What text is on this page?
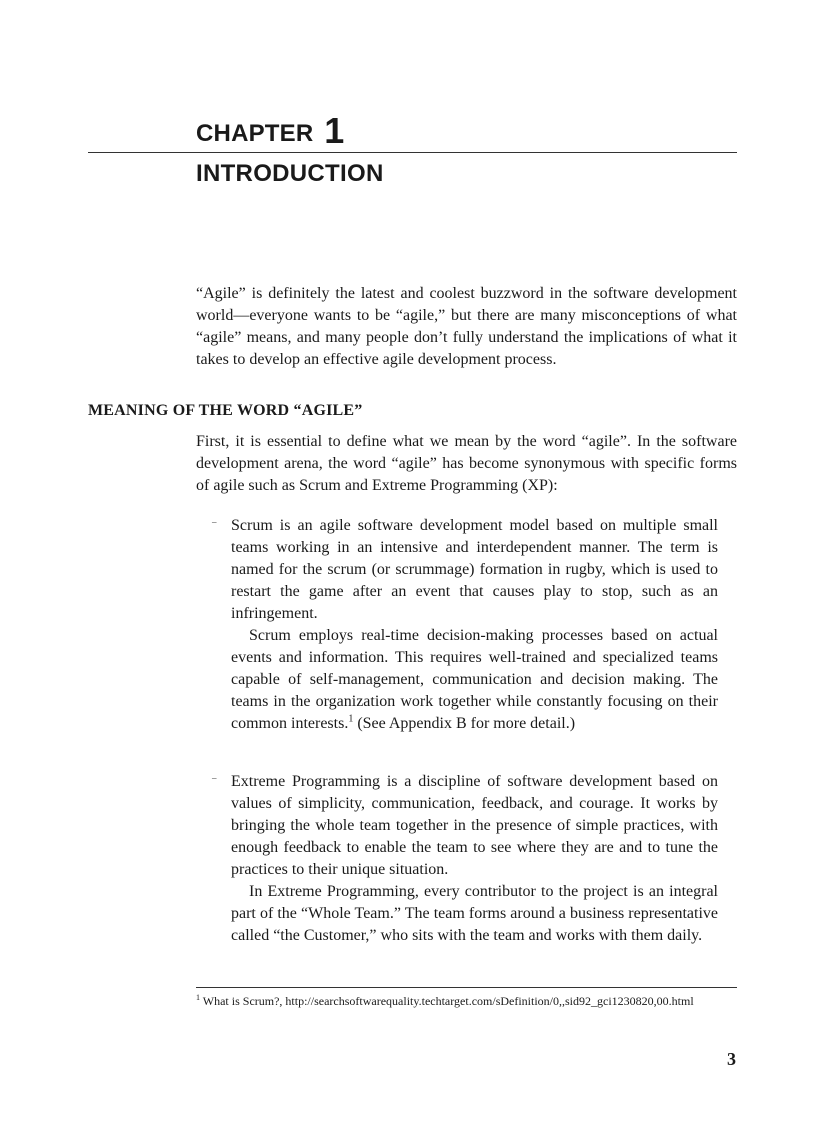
CHAPTER 1
INTRODUCTION

“Agile” is definitely the latest and coolest buzzword in the software development world—everyone wants to be “agile,” but there are many misconceptions of what “agile” means, and many people don’t fully understand the implications of what it takes to develop an effective agile development process.

MEANING OF THE WORD “AGILE”

First, it is essential to define what we mean by the word “agile”. In the software development arena, the word “agile” has become synonymous with specific forms of agile such as Scrum and Extreme Programming (XP):

– Scrum is an agile software development model based on multiple small teams working in an intensive and interdependent manner. The term is named for the scrum (or scrummage) formation in rugby, which is used to restart the game after an event that causes play to stop, such as an infringement.

Scrum employs real-time decision-making processes based on actual events and information. This requires well-trained and specialized teams capable of self-management, communication and decision making. The teams in the organization work together while constantly focusing on their common interests.$^1$ (See Appendix B for more detail.)

– Extreme Programming is a discipline of software development based on values of simplicity, communication, feedback, and courage. It works by bringing the whole team together in the presence of simple practices, with enough feedback to enable the team to see where they are and to tune the practices to their unique situation.

In Extreme Programming, every contributor to the project is an integral part of the “Whole Team.” The team forms around a business representative called “the Customer,” who sits with the team and works with them daily.

$^1$ What is Scrum?, http://searchsoftwarequality.techtarget.com/sDefinition/0,,sid92_gci1230820,00.html

3
